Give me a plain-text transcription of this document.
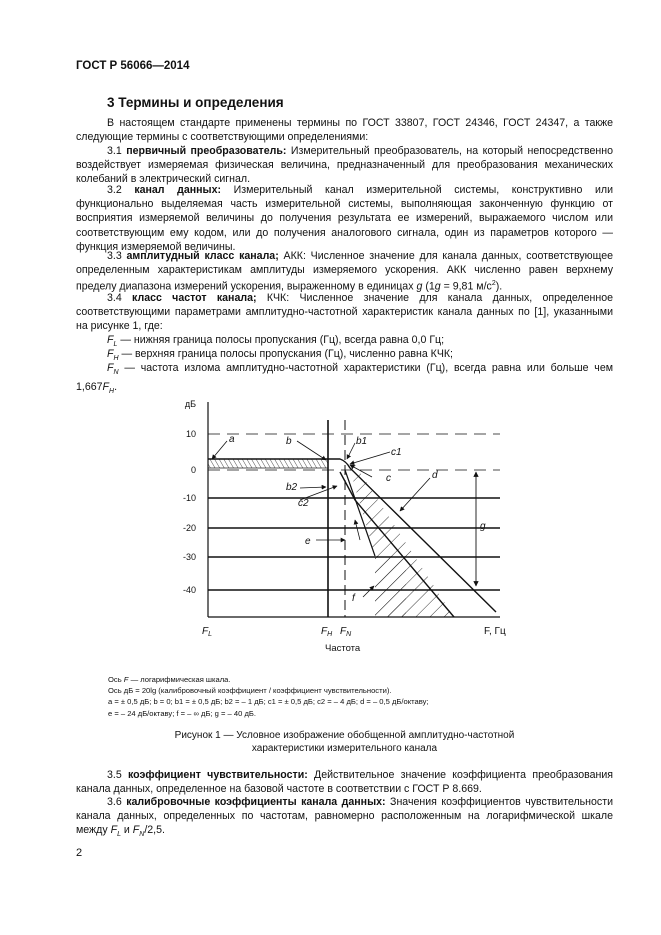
ГОСТ Р 56066—2014
3 Термины и определения

В настоящем стандарте применены термины по ГОСТ 33807, ГОСТ 24346, ГОСТ 24347, а также следующие термины с соответствующими определениями:

3.1 первичный преобразователь: Измерительный преобразователь, на который непосредственно воздействует измеряемая физическая величина, предназначенный для преобразования механических колебаний в электрический сигнал.

3.2 канал данных: Измерительный канал измерительной системы, конструктивно или функционально выделяемая часть измерительной системы, выполняющая законченную функцию от восприятия измеряемой величины до получения результата ее измерений, выражаемого числом или соответствующим ему кодом, или до получения аналогового сигнала, один из параметров которого — функция измеряемой величины.

3.3 амплитудный класс канала; АКК: Численное значение для канала данных, соответствующее определенным характеристикам амплитуды измеряемого ускорения. АКК численно равен верхнему пределу диапазона измерений ускорения, выраженному в единицах g (1g = 9,81 $м/с^2$).

3.4 класс частот канала; КЧК: Численное значение для канала данных, определенное соответствующими параметрами амплитудно-частотной характеристик канала данных по [1], указанными на рисунке 1, где:

$F_L$ — нижняя граница полосы пропускания (Гц), всегда равна 0,0 Гц;

$F_H$ — верхняя граница полосы пропускания (Гц), численно равна КЧК;

$F_N$ — частота излома амплитудно-частотной характеристики (Гц), всегда равна или больше чем $1,667F_H$.

a	b	b1
b2
c
c1
c2
d
e
f
g
дБ
10
0
-10
-20
-30
-40
$F_L$	$F_H$ $F_N$	F, Гц
Частота
Ось F — логарифмическая шкала.
Ось дБ = 20lg (калибровочный коэффициент / коэффициент чувствительности).
a = ± 0,5 дБ; b = 0; b1 = ± 0,5 дБ; b2 = – 1 дБ; c1 = ± 0,5 дБ; c2 = – 4 дБ; d = – 0,5 дБ/октаву;
e = – 24 дБ/октаву; f = – ∞ дБ; g = – 40 дБ.
Рисунок 1 — Условное изображение обобщенной амплитудно-частотной
характеристики измерительного канала

3.5 коэффициент чувствительности: Действительное значение коэффициента преобразования канала данных, определенное на базовой частоте в соответствии с ГОСТ Р 8.669.

3.6 калибровочные коэффициенты канала данных: Значения коэффициентов чувствительности канала данных, определенных по частотам, равномерно расположенным на логарифмической шкале между $F_L$ и $F_N/2,5$.

2
